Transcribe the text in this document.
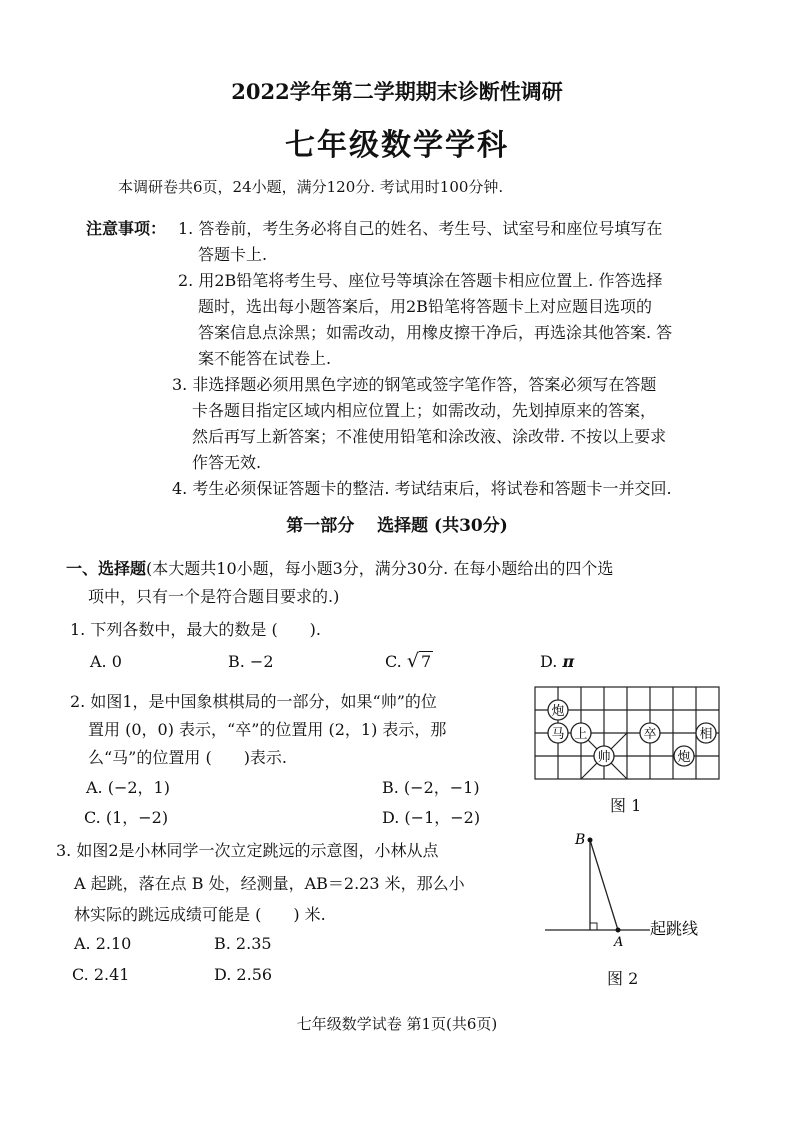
2022学年第二学期期末诊断性调研
七年级数学学科
本调研卷共6页，24小题，满分120分. 考试用时100分钟.
注意事项： 1. 答卷前，考生务必将自己的姓名、考生号、试室号和座位号填写在
答题卡上.
2. 用2B铅笔将考生号、座位号等填涂在答题卡相应位置上. 作答选择
题时，选出每小题答案后，用2B铅笔将答题卡上对应题目选项的
答案信息点涂黑；如需改动，用橡皮擦干净后，再选涂其他答案. 答
案不能答在试卷上.
3. 非选择题必须用黑色字迹的钢笔或签字笔作答，答案必须写在答题
卡各题目指定区域内相应位置上；如需改动，先划掉原来的答案，
然后再写上新答案；不准使用铅笔和涂改液、涂改带. 不按以上要求
作答无效.
4. 考生必须保证答题卡的整洁. 考试结束后，将试卷和答题卡一并交回.
第一部分　 选择题 (共30分)
一、选择题(本大题共10小题，每小题3分，满分30分. 在每小题给出的四个选
项中，只有一个是符合题目要求的.)
1. 下列各数中，最大的数是 (　　).
A. 0	B. −2	C. √ 7	D. π
2. 如图1，是中国象棋棋局的一部分，如果“帅”的位
置用 (0，0) 表示，“卒”的位置用 (2，1) 表示，那
么“马”的位置用 (　　)表示.
A. (−2，1)	B. (−2，−1)
C. (1，−2)	D. (−1，−2)
炮
马 上
帅
卒	相
炮
图 1
3. 如图2是小林同学一次立定跳远的示意图，小林从点
A 起跳，落在点 B 处，经测量，AB＝2.23 米，那么小
林实际的跳远成绩可能是 (　　) 米.
A. 2.10	B. 2.35
C. 2.41	D. 2.56
B
A
起跳线
图 2
七年级数学试卷 第1页(共6页)
